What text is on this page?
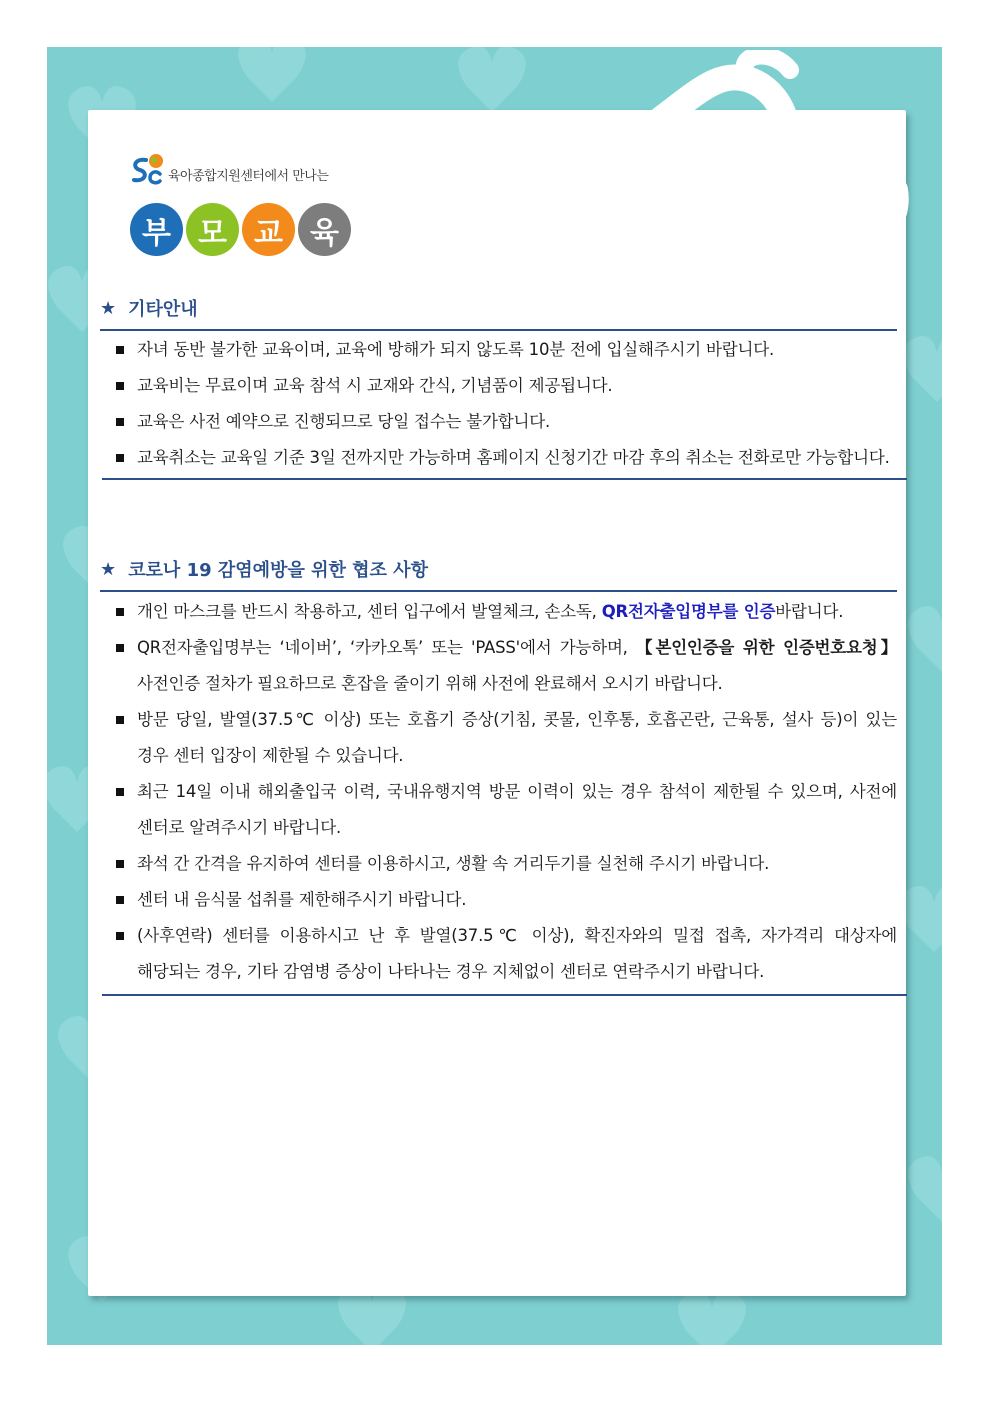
육아종합지원센터에서 만나는
부 모 교 육
★ 기타안내
자녀 동반 불가한 교육이며, 교육에 방해가 되지 않도록 10분 전에 입실해주시기 바랍니다.
교육비는 무료이며 교육 참석 시 교재와 간식, 기념품이 제공됩니다.
교육은 사전 예약으로 진행되므로 당일 접수는 불가합니다.
교육취소는 교육일 기준 3일 전까지만 가능하며 홈페이지 신청기간 마감 후의 취소는 전화로만 가능합니다.
★ 코로나 19 감염예방을 위한 협조 사항
개인 마스크를 반드시 착용하고, 센터 입구에서 발열체크, 손소독, QR전자출입명부를 인증바랍니다.
QR전자출입명부는 ‘네이버’, ‘카카오톡’ 또는 'PASS'에서 가능하며, 【본인인증을 위한 인증번호요청】 사전인증 절차가 필요하므로 혼잡을 줄이기 위해 사전에 완료해서 오시기 바랍니다.
방문 당일, 발열(37.5℃ 이상) 또는 호흡기 증상(기침, 콧물, 인후통, 호흡곤란, 근육통, 설사 등)이 있는 경우 센터 입장이 제한될 수 있습니다.
최근 14일 이내 해외출입국 이력, 국내유행지역 방문 이력이 있는 경우 참석이 제한될 수 있으며, 사전에 센터로 알려주시기 바랍니다.
좌석 간 간격을 유지하여 센터를 이용하시고, 생활 속 거리두기를 실천해 주시기 바랍니다.
센터 내 음식물 섭취를 제한해주시기 바랍니다.
(사후연락) 센터를 이용하시고 난 후 발열(37.5℃ 이상), 확진자와의 밀접 접촉, 자가격리 대상자에 해당되는 경우, 기타 감염병 증상이 나타나는 경우 지체없이 센터로 연락주시기 바랍니다.
